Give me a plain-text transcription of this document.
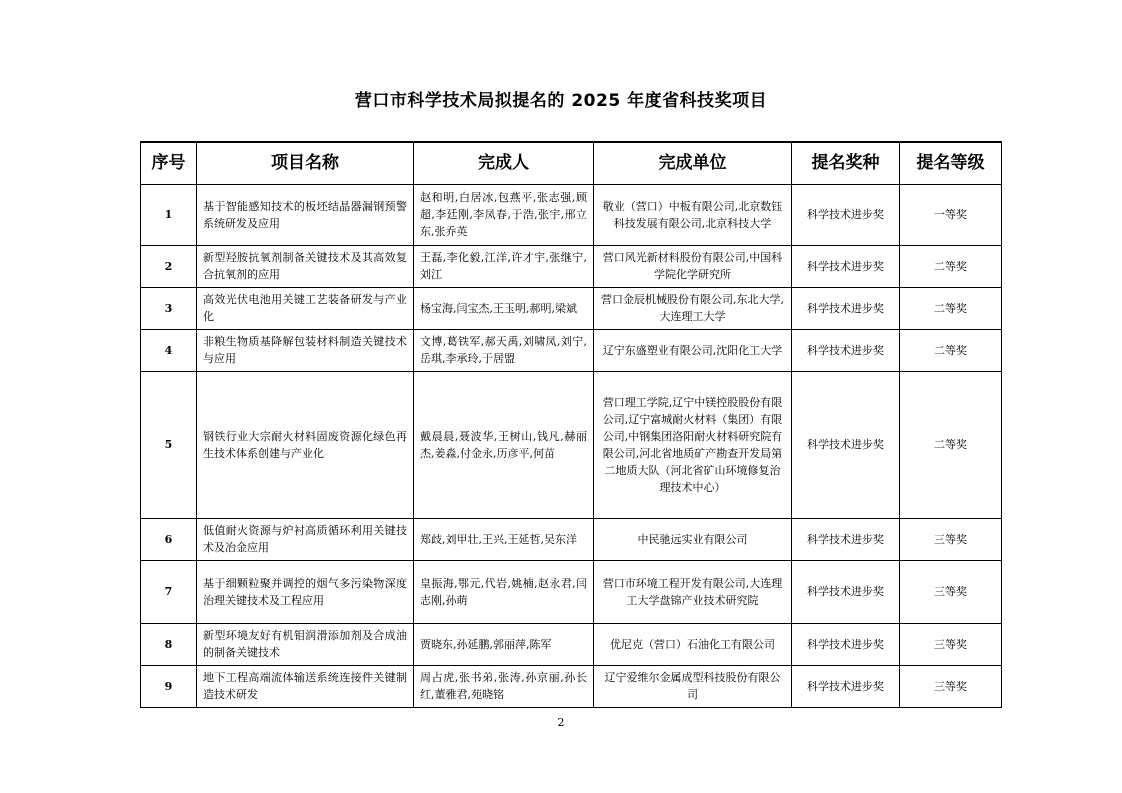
营口市科学技术局拟提名的 2025 年度省科技奖项目
序号	项目名称	完成人	完成单位	提名奖种	提名等级
1	基于智能感知技术的板坯结晶器漏钢预警系统研发及应用	赵和明,白居冰,包燕平,张志强,顾超,李廷刚,李凤春,于浩,张宇,邢立东,张乔英	敬业（营口）中板有限公司,北京数钰科技发展有限公司,北京科技大学	科学技术进步奖	一等奖
2	新型羟胺抗氧剂制备关键技术及其高效复合抗氧剂的应用	王磊,李化毅,江洋,许才宇,张继宁,刘江	营口风光新材料股份有限公司,中国科学院化学研究所	科学技术进步奖	二等奖
3	高效光伏电池用关键工艺装备研发与产业化	杨宝海,闫宝杰,王玉明,郝明,梁斌	营口金辰机械股份有限公司,东北大学,大连理工大学	科学技术进步奖	二等奖
4	非粮生物质基降解包装材料制造关键技术与应用	文博,葛铁军,郝天禹,刘啸凤,刘宁,岳琪,李承玲,于居盟	辽宁东盛塑业有限公司,沈阳化工大学	科学技术进步奖	二等奖
5	钢铁行业大宗耐火材料固废资源化绿色再生技术体系创建与产业化	戴晨晨,聂波华,王树山,钱凡,赫丽杰,姜淼,付金永,历彦平,何苗	营口理工学院,辽宁中镁控股股份有限公司,辽宁富城耐火材料（集团）有限公司,中钢集团洛阳耐火材料研究院有限公司,河北省地质矿产勘查开发局第二地质大队（河北省矿山环境修复治理技术中心）	科学技术进步奖	二等奖
6	低值耐火资源与炉衬高质循环利用关键技术及冶金应用	郑歧,刘甲壮,王兴,王延哲,吴东洋	中民驰远实业有限公司	科学技术进步奖	三等奖
7	基于细颗粒聚并调控的烟气多污染物深度治理关键技术及工程应用	皇振海,鄂元,代岩,姚楠,赵永君,闫志刚,孙萌	营口市环境工程开发有限公司,大连理工大学盘锦产业技术研究院	科学技术进步奖	三等奖
8	新型环境友好有机钼润滑添加剂及合成油的制备关键技术	贾晓东,孙延鹏,郭丽萍,陈军	优尼克（营口）石油化工有限公司	科学技术进步奖	三等奖
9	地下工程高端流体输送系统连接件关键制造技术研发	周占虎,张书弟,张涛,孙京丽,孙长红,董雅君,苑晓铭	辽宁爱维尔金属成型科技股份有限公司	科学技术进步奖	三等奖
2
